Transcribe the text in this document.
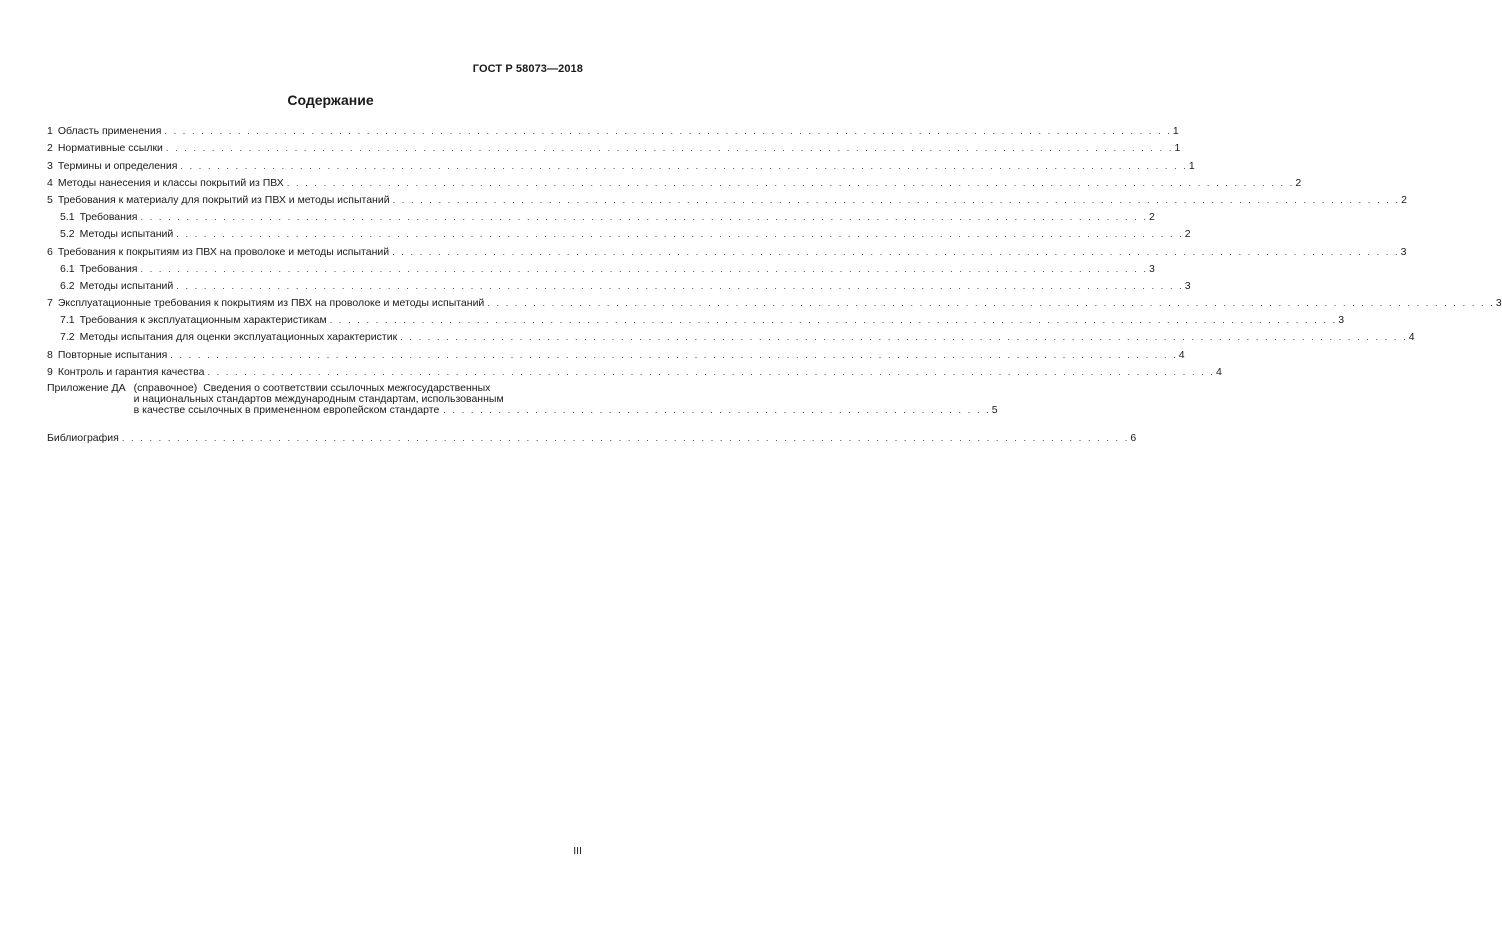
ГОСТ Р 58073—2018
Содержание
1 Область применения . . .	1
2 Нормативные ссылки . . .	1
3 Термины и определения . . .	1
4 Методы нанесения и классы покрытий из ПВХ . . .	2
5 Требования к материалу для покрытий из ПВХ и методы испытаний . . .	2
5.1 Требования . . .	2
5.2 Методы испытаний . . .	2
6 Требования к покрытиям из ПВХ на проволоке и методы испытаний . . .	3
6.1 Требования . . .	3
6.2 Методы испытаний . . .	3
7 Эксплуатационные требования к покрытиям из ПВХ на проволоке и методы испытаний . . .	3
7.1 Требования к эксплуатационным характеристикам . . .	3
7.2 Методы испытания для оценки эксплуатационных характеристик . . .	4
8 Повторные испытания . . .	4
9 Контроль и гарантия качества . . .	4
Приложение ДА (справочное) Сведения о соответствии ссылочных межгосударственных
и национальных стандартов международным стандартам, использованным
в качестве ссылочных в примененном европейском стандарте . . . . . . . . . . . . . . . . . . . . . . . . . . . . . . . . . . . . . . . . . . . . . . . . . . . . . . . . . . . . 5
Библиография . . .	6
III
